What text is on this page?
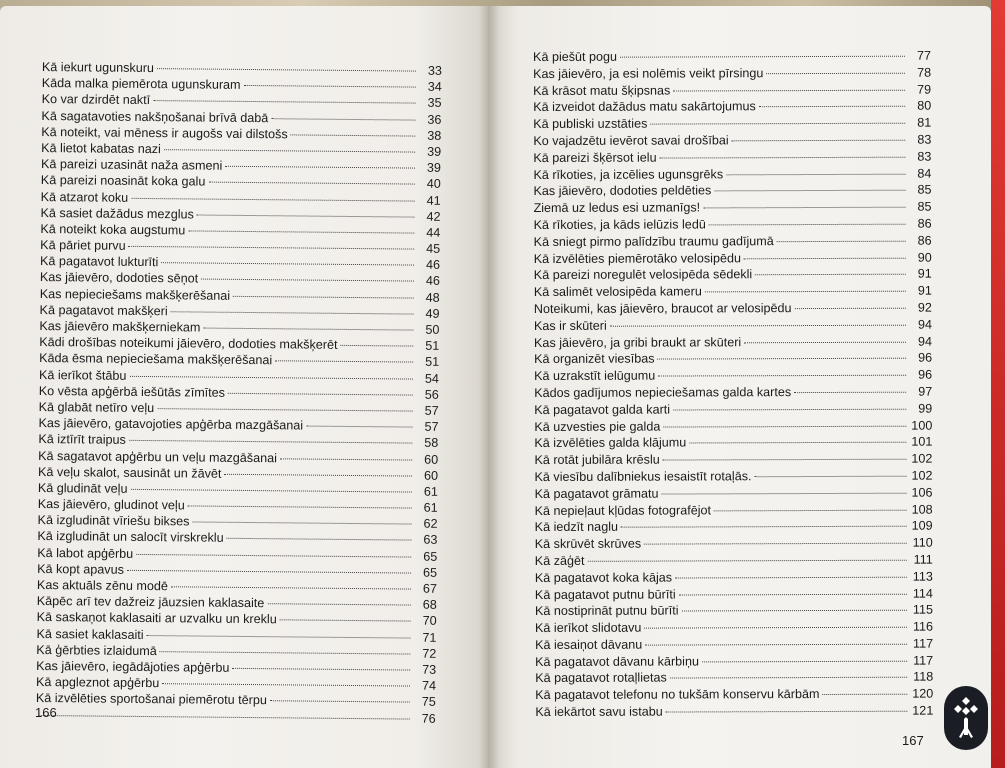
Kā iekurt ugunskuru	33
Kāda malka piemērota ugunskuram	34
Ko var dzirdēt naktī	35
Kā sagatavoties nakšņošanai brīvā dabā	36
Kā noteikt, vai mēness ir augošs vai dilstošs	38
Kā lietot kabatas nazi	39
Kā pareizi uzasināt naža asmeni	39
Kā pareizi noasināt koka galu	40
Kā atzarot koku	41
Kā sasiet dažādus mezglus	42
Kā noteikt koka augstumu	44
Kā pāriet purvu	45
Kā pagatavot lukturīti	46
Kas jāievēro, dodoties sēņot	46
Kas nepieciešams makšķerēšanai	48
Kā pagatavot makšķeri	49
Kas jāievēro makšķerniekam	50
Kādi drošības noteikumi jāievēro, dodoties makšķerēt	51
Kāda ēsma nepieciešama makšķerēšanai	51
Kā ierīkot štābu	54
Ko vēsta apģērbā iešūtās zīmītes	56
Kā glabāt netīro veļu	57
Kas jāievēro, gatavojoties apģērba mazgāšanai	57
Kā iztīrīt traipus	58
Kā sagatavot apģērbu un veļu mazgāšanai	60
Kā veļu skalot, sausināt un žāvēt	60
Kā gludināt veļu	61
Kas jāievēro, gludinot veļu	61
Kā izgludināt vīriešu bikses	62
Kā izgludināt un salocīt virskreklu	63
Kā labot apģērbu	65
Kā kopt apavus	65
Kas aktuāls zēnu modē	67
Kāpēc arī tev dažreiz jāuzsien kaklasaite	68
Kā saskaņot kaklasaiti ar uzvalku un kreklu	70
Kā sasiet kaklasaiti	71
Kā ģērbties izlaidumā	72
Kas jāievēro, iegādājoties apģērbu	73
Kā apgleznot apģērbu	74
Kā izvēlēties sportošanai piemērotu tērpu	75
76
Kā piešūt pogu	77
Kas jāievēro, ja esi nolēmis veikt pīrsingu	78
Kā krāsot matu šķipsnas	79
Kā izveidot dažādus matu sakārtojumus	80
Kā publiski uzstāties	81
Ko vajadzētu ievērot savai drošībai	83
Kā pareizi šķērsot ielu	83
Kā rīkoties, ja izcēlies ugunsgrēks	84
Kas jāievēro, dodoties peldēties	85
Ziemā uz ledus esi uzmanīgs!	85
Kā rīkoties, ja kāds ielūzis ledū	86
Kā sniegt pirmo palīdzību traumu gadījumā	86
Kā izvēlēties piemērotāko velosipēdu	90
Kā pareizi noregulēt velosipēda sēdekli	91
Kā salimēt velosipēda kameru	91
Noteikumi, kas jāievēro, braucot ar velosipēdu	92
Kas ir skūteri	94
Kas jāievēro, ja gribi braukt ar skūteri	94
Kā organizēt viesības	96
Kā uzrakstīt ielūgumu	96
Kādos gadījumos nepieciešamas galda kartes	97
Kā pagatavot galda karti	99
Kā uzvesties pie galda	100
Kā izvēlēties galda klājumu	101
Kā rotāt jubilāra krēslu	102
Kā viesību dalībniekus iesaistīt rotaļās.	102
Kā pagatavot grāmatu	106
Kā nepieļaut kļūdas fotografējot	108
Kā iedzīt naglu	109
Kā skrūvēt skrūves	110
Kā zāģēt	111
Kā pagatavot koka kājas	113
Kā pagatavot putnu būrīti	114
Kā nostiprināt putnu būrīti	115
Kā ierīkot slidotavu	116
Kā iesaiņot dāvanu	117
Kā pagatavot dāvanu kārbiņu	117
Kā pagatavot rotaļlietas	118
Kā pagatavot telefonu no tukšām konservu kārbām	120
Kā iekārtot savu istabu	121
166
167
